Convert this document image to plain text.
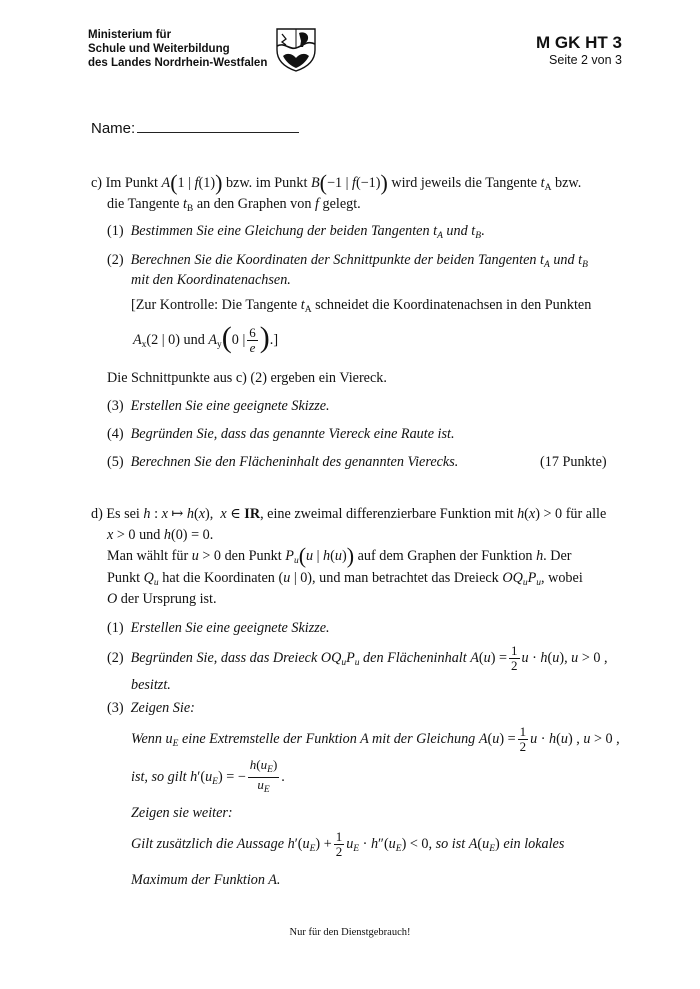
Ministerium für
Schule und Weiterbildung
des Landes Nordrhein-Westfalen
M GK HT 3
Seite 2 von 3
Name:
c) Im Punkt A(1 | f(1)) bzw. im Punkt B(−1 | f(−1)) wird jeweils die Tangente $t_A$ bzw.
die Tangente $t_B$ an den Graphen von f gelegt.
(1) Bestimmen Sie eine Gleichung der beiden Tangenten $t_A$ und $t_B$.
(2) Berechnen Sie die Koordinaten der Schnittpunkte der beiden Tangenten $t_A$ und $t_B$
mit den Koordinatenachsen.
[Zur Kontrolle: Die Tangente $t_A$ schneidet die Koordinatenachsen in den Punkten
$A_x(2$ | 0) und $A_y(0$ | $\frac{6}{e}$ ).]
Die Schnittpunkte aus c) (2) ergeben ein Viereck.
(3) Erstellen Sie eine geeignete Skizze.
(4) Begründen Sie, dass das genannte Viereck eine Raute ist.
(5) Berechnen Sie den Flächeninhalt des genannten Vierecks.	(17 Punkte)
d) Es sei h : x ↦ h(x),  x ∈ IR, eine zweimal differenzierbare Funktion mit h(x) > 0 für alle
x > 0 und h(0) = 0.
Man wählt für u > 0 den Punkt $P_u(u$ | h(u)) auf dem Graphen der Funktion h. Der
Punkt $Q_u$ hat die Koordinaten (u | 0), und man betrachtet das Dreieck $OQ_uP_u$, wobei
O der Ursprung ist.
(1) Erstellen Sie eine geeignete Skizze.
(2) Begründen Sie, dass das Dreieck $OQ_uP_u$ den Flächeninhalt $A(u) = \frac{1}{2}$ u · h(u), u > 0 ,
besitzt.
(3) Zeigen Sie:
Wenn $u_E$ eine Extremstelle der Funktion A mit der Gleichung $A(u) = \frac{1}{2}$ u · h(u) , u > 0 ,
ist, so gilt $h'(u_E)$ = − $\frac{h(u_E)}{u_E}$ .
Zeigen sie weiter:
Gilt zusätzlich die Aussage $h'(u_E) + \frac{1}{2} u_E \cdot h''(u_E) < 0$, so ist $A(u_E)$ ein lokales
Maximum der Funktion A.
Nur für den Dienstgebrauch!
